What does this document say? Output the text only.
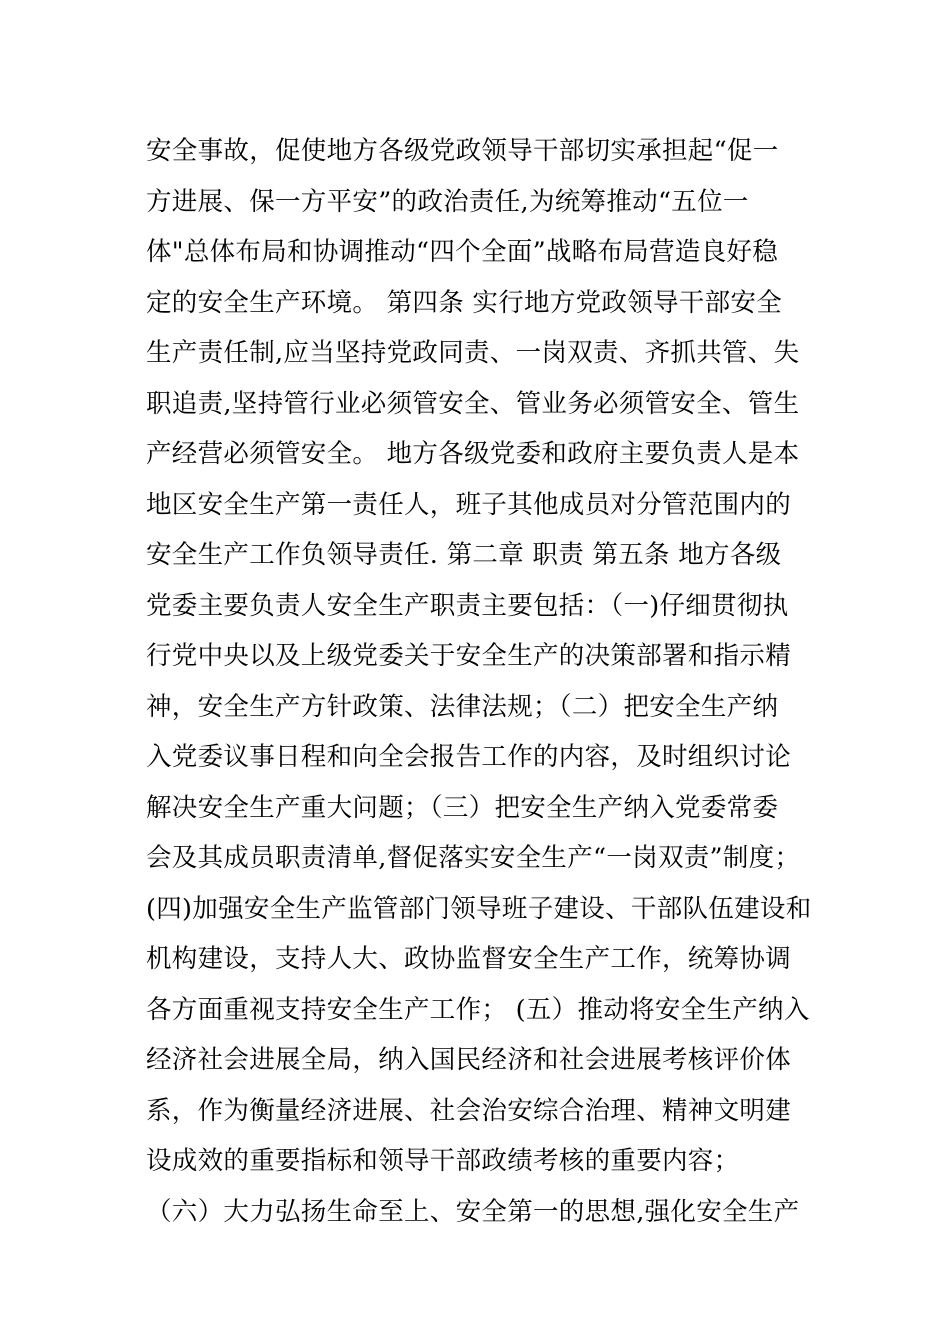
安全事故，促使地方各级党政领导干部切实承担起“促一
方进展、保一方平安”的政治责任,为统筹推动“五位一
体"总体布局和协调推动“四个全面”战略布局营造良好稳
定的安全生产环境。 第四条 实行地方党政领导干部安全
生产责任制,应当坚持党政同责、一岗双责、齐抓共管、失
职追责,坚持管行业必须管安全、管业务必须管安全、管生
产经营必须管安全。 地方各级党委和政府主要负责人是本
地区安全生产第一责任人，班子其他成员对分管范围内的
安全生产工作负领导责任. 第二章 职责 第五条 地方各级
党委主要负责人安全生产职责主要包括：（一)仔细贯彻执
行党中央以及上级党委关于安全生产的决策部署和指示精
神，安全生产方针政策、法律法规；（二）把安全生产纳
入党委议事日程和向全会报告工作的内容，及时组织讨论
解决安全生产重大问题；（三）把安全生产纳入党委常委
会及其成员职责清单,督促落实安全生产“一岗双责”制度；
(四)加强安全生产监管部门领导班子建设、干部队伍建设和
机构建设，支持人大、政协监督安全生产工作，统筹协调
各方面重视支持安全生产工作； (五）推动将安全生产纳入
经济社会进展全局，纳入国民经济和社会进展考核评价体
系，作为衡量经济进展、社会治安综合治理、精神文明建
设成效的重要指标和领导干部政绩考核的重要内容；
（六）大力弘扬生命至上、安全第一的思想,强化安全生产
